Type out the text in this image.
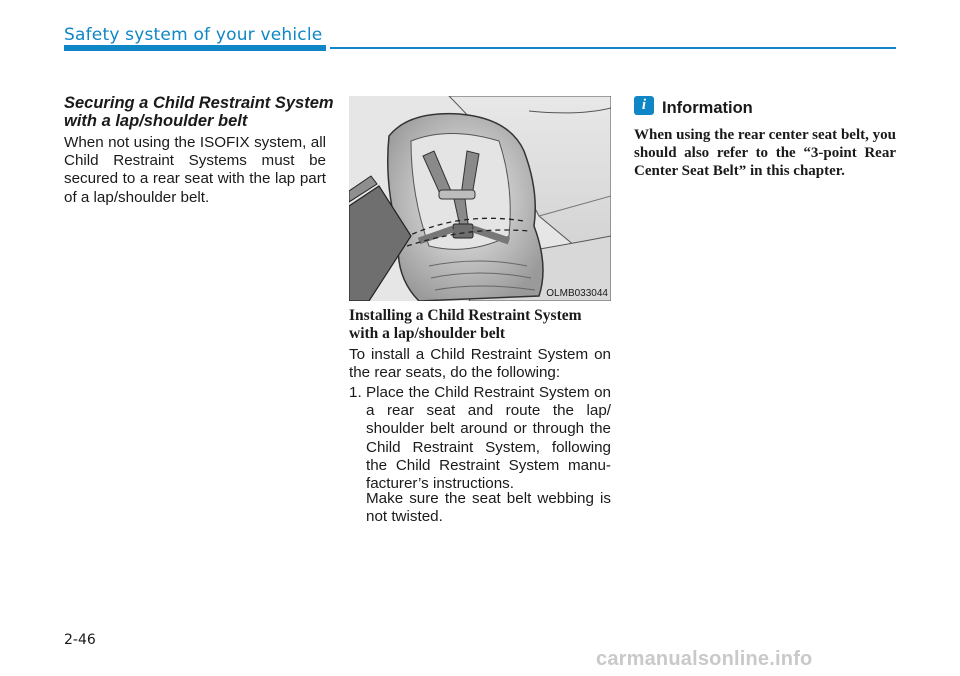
Safety system of your vehicle
Securing a Child Restraint System with a lap/shoulder belt
When not using the ISOFIX system, all Child Restraint Systems must be secured to a rear seat with the lap part of a lap/shoulder belt.
OLMB033044
Installing a Child Restraint System with a lap/shoulder belt
To install a Child Restraint System on the rear seats, do the following:
1. Place the Child Restraint System on a rear seat and route the lap/ shoulder belt around or through the Child Restraint System, following the Child Restraint System manu-facturer’s instructions.
Make sure the seat belt webbing is not twisted.
i Information
When using the rear center seat belt, you should also refer to the “3-point Rear Center Seat Belt” in this chapter.
2-46
carmanualsonline.info
